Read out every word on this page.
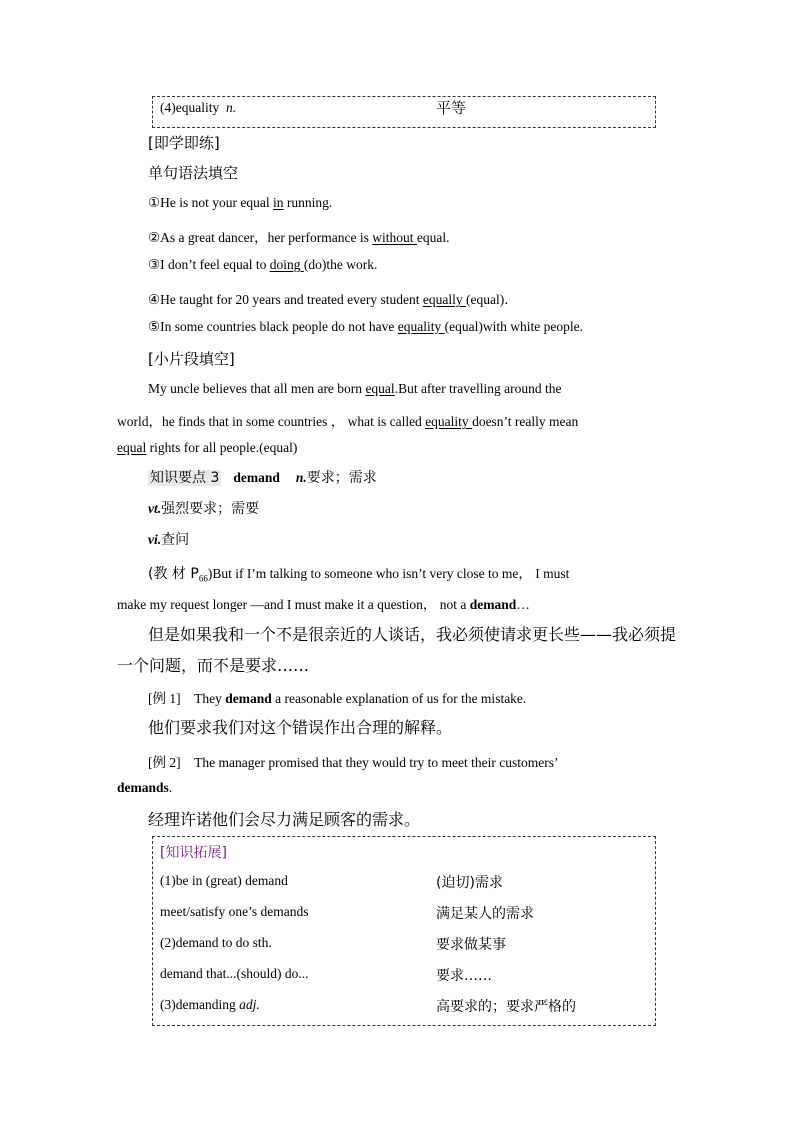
(4)equality n.	平等
[即学即练]
单句语法填空
①He is not your equal in running.
②As a great dancer，her performance is without equal.
③I don’t feel equal to doing (do)the work.
④He taught for 20 years and treated every student equally (equal)．
⑤In some countries black people do not have equality (equal)with white people.
[小片段填空]
My uncle believes that all men are born equal.But after travelling around the
world，he finds that in some countries ， what is called equality doesn’t really mean
equal rights for all people.(equal)
知识要点 3 demand n.要求；需求
vt.强烈要求；需要
vi.查问
(教 材 $P_{66})But$ if I’m talking to someone who isn’t very close to me， I must
make my request longer —and I must make it a question， not a demand…
但是如果我和一个不是很亲近的人谈话，我必须使请求更长些——我必须提
一个问题，而不是要求……
[例 1] They demand a reasonable explanation of us for the mistake.
他们要求我们对这个错误作出合理的解释。
[例 2] The manager promised that they would try to meet their customers’
demands.
经理许诺他们会尽力满足顾客的需求。
[知识拓展]
(1)be in (great) demand	(迫切)需求
meet/satisfy one’s demands	满足某人的需求
(2)demand to do sth.	要求做某事
demand that...(should) do...	要求……
(3)demanding adj.	高要求的；要求严格的
